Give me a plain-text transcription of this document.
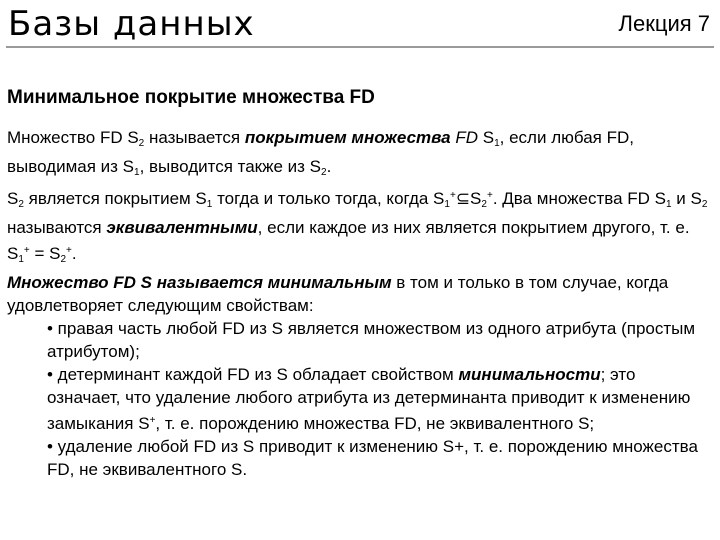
Базы данных	Лекция 7

Минимальное покрытие множества FD

Множество FD $S_2$ называется покрытием множества FD $S_1$, если любая FD, выводимая из $S_1$, выводится также из $S_2$.

$S_2$ является покрытием $S_1$ тогда и только тогда, когда $S_1^+⊆S_2^+$. Два множества FD $S_1$ и $S_2$ называются эквивалентными, если каждое из них является покрытием другого, т. е. $S_1^+ = S_2^+$.

Множество FD S называется минимальным в том и только в том случае, когда удовлетворяет следующим свойствам:

• правая часть любой FD из S является множеством из одного атрибута (простым атрибутом);

• детерминант каждой FD из S обладает свойством минимальности; это означает, что удаление любого атрибута из детерминанта приводит к изменению замыкания S+, т. е. порождению множества FD, не эквивалентного S;

• удаление любой FD из S приводит к изменению S+, т. е. порождению множества FD, не эквивалентного S.
